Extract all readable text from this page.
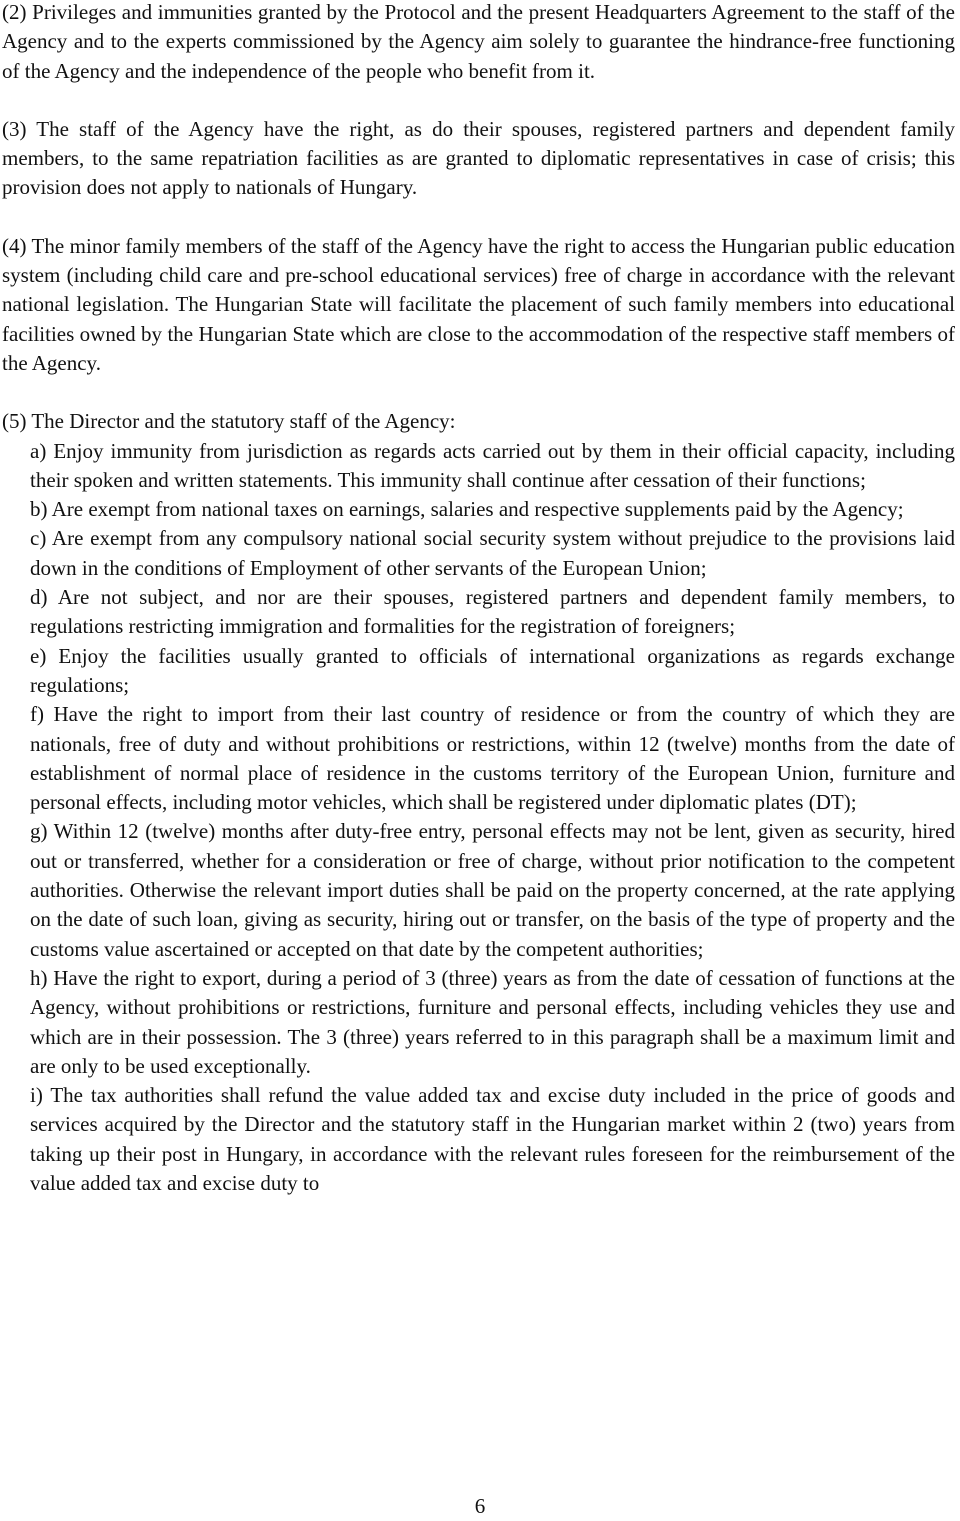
(2) Privileges and immunities granted by the Protocol and the present Headquarters Agreement to the staff of the Agency and to the experts commissioned by the Agency aim solely to guarantee the hindrance-free functioning of the Agency and the independence of the people who benefit from it.

(3) The staff of the Agency have the right, as do their spouses, registered partners and dependent family members, to the same repatriation facilities as are granted to diplomatic representatives in case of crisis; this provision does not apply to nationals of Hungary.

(4) The minor family members of the staff of the Agency have the right to access the Hungarian public education system (including child care and pre-school educational services) free of charge in accordance with the relevant national legislation. The Hungarian State will facilitate the placement of such family members into educational facilities owned by the Hungarian State which are close to the accommodation of the respective staff members of the Agency.

(5) The Director and the statutory staff of the Agency:

a) Enjoy immunity from jurisdiction as regards acts carried out by them in their official capacity, including their spoken and written statements. This immunity shall continue after cessation of their functions;
b) Are exempt from national taxes on earnings, salaries and respective supplements paid by the Agency;
c) Are exempt from any compulsory national social security system without prejudice to the provisions laid down in the conditions of Employment of other servants of the European Union;
d) Are not subject, and nor are their spouses, registered partners and dependent family members, to regulations restricting immigration and formalities for the registration of foreigners;
e) Enjoy the facilities usually granted to officials of international organizations as regards exchange regulations;
f) Have the right to import from their last country of residence or from the country of which they are nationals, free of duty and without prohibitions or restrictions, within 12 (twelve) months from the date of establishment of normal place of residence in the customs territory of the European Union, furniture and personal effects, including motor vehicles, which shall be registered under diplomatic plates (DT);
g) Within 12 (twelve) months after duty-free entry, personal effects may not be lent, given as security, hired out or transferred, whether for a consideration or free of charge, without prior notification to the competent authorities. Otherwise the relevant import duties shall be paid on the property concerned, at the rate applying on the date of such loan, giving as security, hiring out or transfer, on the basis of the type of property and the customs value ascertained or accepted on that date by the competent authorities;
h) Have the right to export, during a period of 3 (three) years as from the date of cessation of functions at the Agency, without prohibitions or restrictions, furniture and personal effects, including vehicles they use and which are in their possession. The 3 (three) years referred to in this paragraph shall be a maximum limit and are only to be used exceptionally.
i) The tax authorities shall refund the value added tax and excise duty included in the price of goods and services acquired by the Director and the statutory staff in the Hungarian market within 2 (two) years from taking up their post in Hungary, in accordance with the relevant rules foreseen for the reimbursement of the value added tax and excise duty to
6
